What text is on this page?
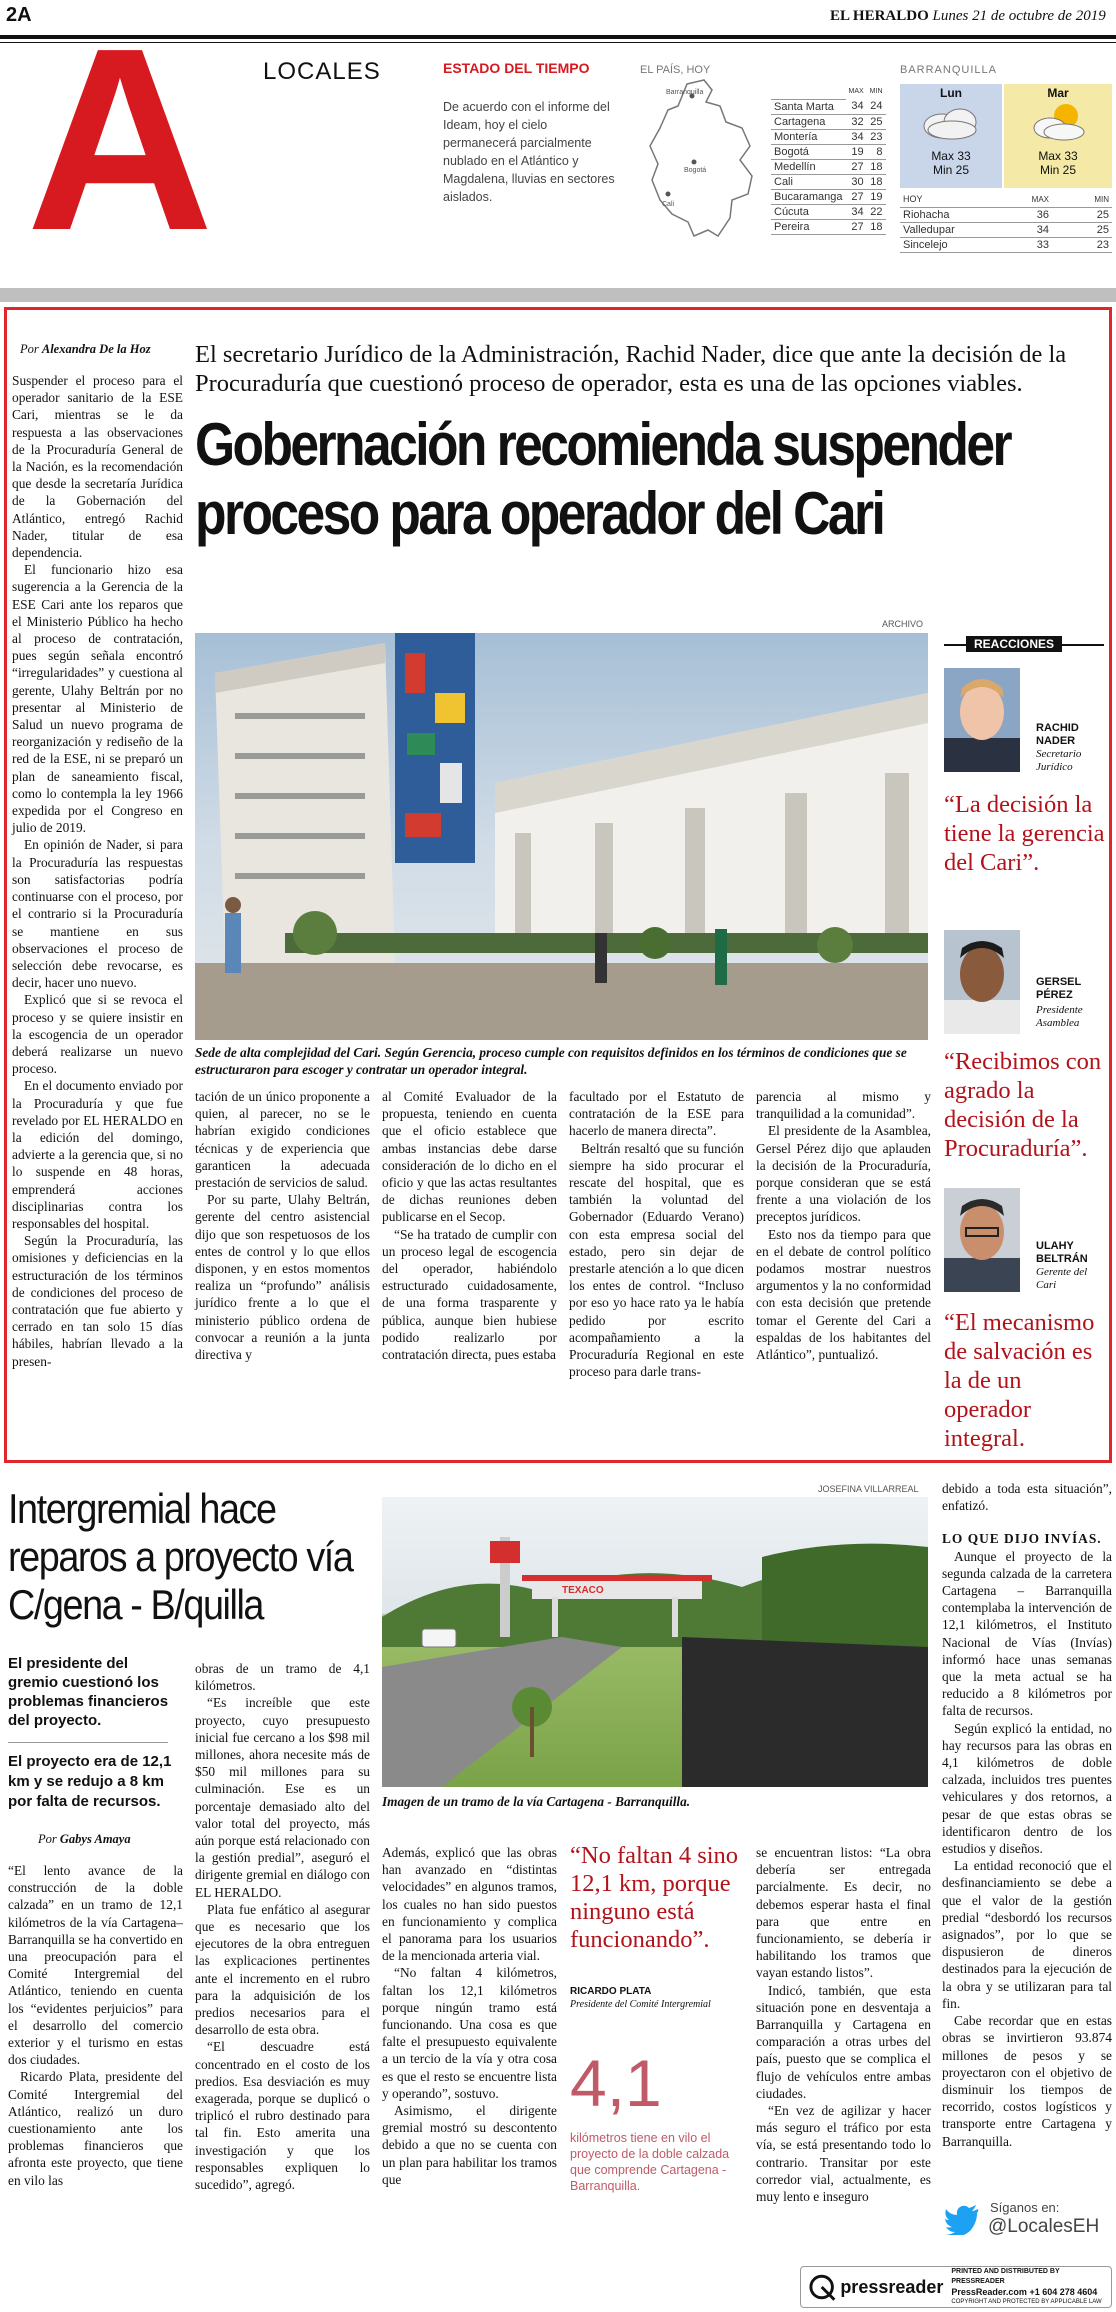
2A	EL HERALDO Lunes 21 de octubre de 2019
A	LOCALES	ESTADO DEL TIEMPO
De acuerdo con el informe del Ideam, hoy el cielo permanecerá parcialmente nublado en el Atlántico y Magdalena, lluvias en sectores aislados.
EL PAÍS, HOY
Barranquilla
Bogotá
Cali
	MAX	MIN
Santa Marta	34	24
Cartagena	32	25
Montería	34	23
Bogotá	19	8
Medellín	27	18
Cali	30	18
Bucaramanga	27	19
Cúcuta	34	22
Pereira	27	18
BARRANQUILLA
Lun
Max 33
Min 25
Mar
Max 33
Min 25
HOY	MAX	MIN
Riohacha	36	25
Valledupar	34	25
Sincelejo	33	23
Por Alexandra De la Hoz El secretario Jurídico de la Administración, Rachid Nader, dice que ante la decisión de la Procuraduría que cuestionó proceso de operador, esta es una de las opciones viables.
Gobernación recomienda suspender proceso para operador del Cari
ARCHIVO
Sede de alta complejidad del Cari. Según Gerencia, proceso cumple con requisitos definidos en los términos de condiciones que se estructuraron para escoger y contratar un operador integral.

Suspender el proceso para el operador sanitario de la ESE Cari, mientras se le da respuesta a las observaciones de la Procuraduría General de la Nación, es la recomendación que desde la secretaría Jurídica de la Gobernación del Atlántico, entregó Rachid Nader, titular de esa dependencia.

El funcionario hizo esa sugerencia a la Gerencia de la ESE Cari ante los reparos que el Ministerio Público ha hecho al proceso de contratación, pues según señala encontró “irregularidades” y cuestiona al gerente, Ulahy Beltrán por no presentar al Ministerio de Salud un nuevo programa de reorganización y rediseño de la red de la ESE, ni se preparó un plan de saneamiento fiscal, como lo contempla la ley 1966 expedida por el Congreso en julio de 2019.

En opinión de Nader, si para la Procuraduría las respuestas son satisfactorias podría continuarse con el proceso, por el contrario si la Procuraduría se mantiene en sus observaciones el proceso de selección debe revocarse, es decir, hacer uno nuevo.

Explicó que si se revoca el proceso y se quiere insistir en la escogencia de un operador deberá realizarse un nuevo proceso.

En el documento enviado por la Procuraduría y que fue revelado por EL HERALDO en la edición del domingo, advierte a la gerencia que, si no lo suspende en 48 horas, emprenderá acciones disciplinarias contra los responsables del hospital.

Según la Procuraduría, las omisiones y deficiencias en la estructuración de los términos de condiciones del proceso de contratación que fue abierto y cerrado en tan solo 15 días hábiles, habrían llevado a la presen-

tación de un único proponente a quien, al parecer, no se le habrían exigido condiciones técnicas y de experiencia que garanticen la adecuada prestación de servicios de salud.

Por su parte, Ulahy Beltrán, gerente del centro asistencial dijo que son respetuosos de los entes de control y lo que ellos disponen, y en estos momentos realiza un “profundo” análisis jurídico frente a lo que el ministerio público ordena de convocar a reunión a la junta directiva y

al Comité Evaluador de la propuesta, teniendo en cuenta que el oficio establece que ambas instancias debe darse consideración de lo dicho en el oficio y que las actas resultantes de dichas reuniones deben publicarse en el Secop.

“Se ha tratado de cumplir con un proceso legal de escogencia del operador, habiéndolo estructurado cuidadosamente, de una forma trasparente y pública, aunque bien hubiese podido realizarlo por contratación directa, pues estaba

facultado por el Estatuto de contratación de la ESE para hacerlo de manera directa”.

Beltrán resaltó que su función siempre ha sido procurar el rescate del hospital, que es también la voluntad del Gobernador (Eduardo Verano) con esta empresa social del estado, pero sin dejar de prestarle atención a lo que dicen los entes de control. “Incluso por eso yo hace rato ya le había pedido por escrito acompañamiento a la Procuraduría Regional en este proceso para darle trans-

parencia al mismo y tranquilidad a la comunidad”.

El presidente de la Asamblea, Gersel Pérez dijo que aplauden la decisión de la Procuraduría, porque consideran que se está frente a una violación de los preceptos jurídicos.

Esto nos da tiempo para que en el debate de control político podamos mostrar nuestros argumentos y la no conformidad con esta decisión que pretende tomar el Gerente del Cari a espaldas de los habitantes del Atlántico”, puntualizó.

REACCIONES
RACHID
NADER
Secretario Jurídico
“La decisión la tiene la gerencia del Cari”.
GERSEL
PÉREZ
Presidente Asamblea
“Recibimos con agrado la decisión de la Procuraduría”.
ULAHY
BELTRÁN
Gerente del Cari
“El mecanismo de salvación es la de un operador integral.
Intergremial hace reparos a proyecto vía C/gena - B/quilla
El presidente del gremio cuestionó los problemas financieros del proyecto.
El proyecto era de 12,1 km y se redujo a 8 km por falta de recursos.
Por Gabys Amaya

“El lento avance de la construcción de la doble calzada” en un tramo de 12,1 kilómetros de la vía Cartagena–Barranquilla se ha convertido en una preocupación para el Comité Intergremial del Atlántico, teniendo en cuenta los “evidentes perjuicios” para el desarrollo del comercio exterior y el turismo en estas dos ciudades.

Ricardo Plata, presidente del Comité Intergremial del Atlántico, realizó un duro cuestionamiento ante los problemas financieros que afronta este proyecto, que tiene en vilo las

obras de un tramo de 4,1 kilómetros.

“Es increíble que este proyecto, cuyo presupuesto inicial fue cercano a los $98 mil millones, ahora necesite más de $50 mil millones para su culminación. Ese es un porcentaje demasiado alto del valor total del proyecto, más aún porque está relacionado con la gestión predial”, aseguró el dirigente gremial en diálogo con EL HERALDO.

Plata fue enfático al asegurar que es necesario que los ejecutores de la obra entreguen las explicaciones pertinentes ante el incremento en el rubro para la adquisición de los predios necesarios para el desarrollo de esta obra.

“El descuadre está concentrado en el costo de los predios. Esa desviación es muy exagerada, porque se duplicó o triplicó el rubro destinado para tal fin. Esto amerita una investigación y que los responsables expliquen lo sucedido”, agregó.

JOSEFINA VILLARREAL
TEXACO
Imagen de un tramo de la vía Cartagena - Barranquilla.

Además, explicó que las obras han avanzado en “distintas velocidades” en algunos tramos, los cuales no han sido puestos en funcionamiento y complica el panorama para los usuarios de la mencionada arteria vial.

“No faltan 4 kilómetros, faltan los 12,1 kilómetros porque ningún tramo está funcionando. Una cosa es que falte el presupuesto equivalente a un tercio de la vía y otra cosa es que el resto se encuentre lista y operando”, sostuvo.

Asimismo, el dirigente gremial mostró su descontento debido a que no se cuenta con un plan para habilitar los tramos que

“No faltan 4 sino 12,1 km, porque ninguno está funcionando”.
RICARDO PLATA
Presidente del Comité Intergremial
4,1
kilómetros tiene en vilo el proyecto de la doble calzada que comprende Cartagena - Barranquilla.

se encuentran listos: “La obra debería ser entregada parcialmente. Es decir, no debemos esperar hasta el final para que entre en funcionamiento, se debería ir habilitando los tramos que vayan estando listos”.

Indicó, también, que esta situación pone en desventaja a Barranquilla y Cartagena en comparación a otras urbes del país, puesto que se complica el flujo de vehículos entre ambas ciudades.

“En vez de agilizar y hacer más seguro el tráfico por esta vía, se está presentando todo lo contrario. Transitar por este corredor vial, actualmente, es muy lento e inseguro

debido a toda esta situación”, enfatizó.

LO QUE DIJO INVÍAS.

Aunque el proyecto de la segunda calzada de la carretera Cartagena – Barranquilla contemplaba la intervención de 12,1 kilómetros, el Instituto Nacional de Vías (Invías) informó hace unas semanas que la meta actual se ha reducido a 8 kilómetros por falta de recursos.

Según explicó la entidad, no hay recursos para las obras en 4,1 kilómetros de doble calzada, incluidos tres puentes vehiculares y dos retornos, a pesar de que estas obras se identificaron dentro de los estudios y diseños.

La entidad reconoció que el desfinanciamiento se debe a que el valor de la gestión predial “desbordó los recursos asignados”, por lo que se dispusieron de dineros destinados para la ejecución de la obra y se utilizaran para tal fin.

Cabe recordar que en estas obras se invirtieron 93.874 millones de pesos y se proyectaron con el objetivo de disminuir los tiempos de recorrido, costos logísticos y transporte entre Cartagena y Barranquilla.

Síganos en:
@LocalesEH
pressreader
PRINTED AND DISTRIBUTED BY PRESSREADER
PressReader.com +1 604 278 4604
COPYRIGHT AND PROTECTED BY APPLICABLE LAW
